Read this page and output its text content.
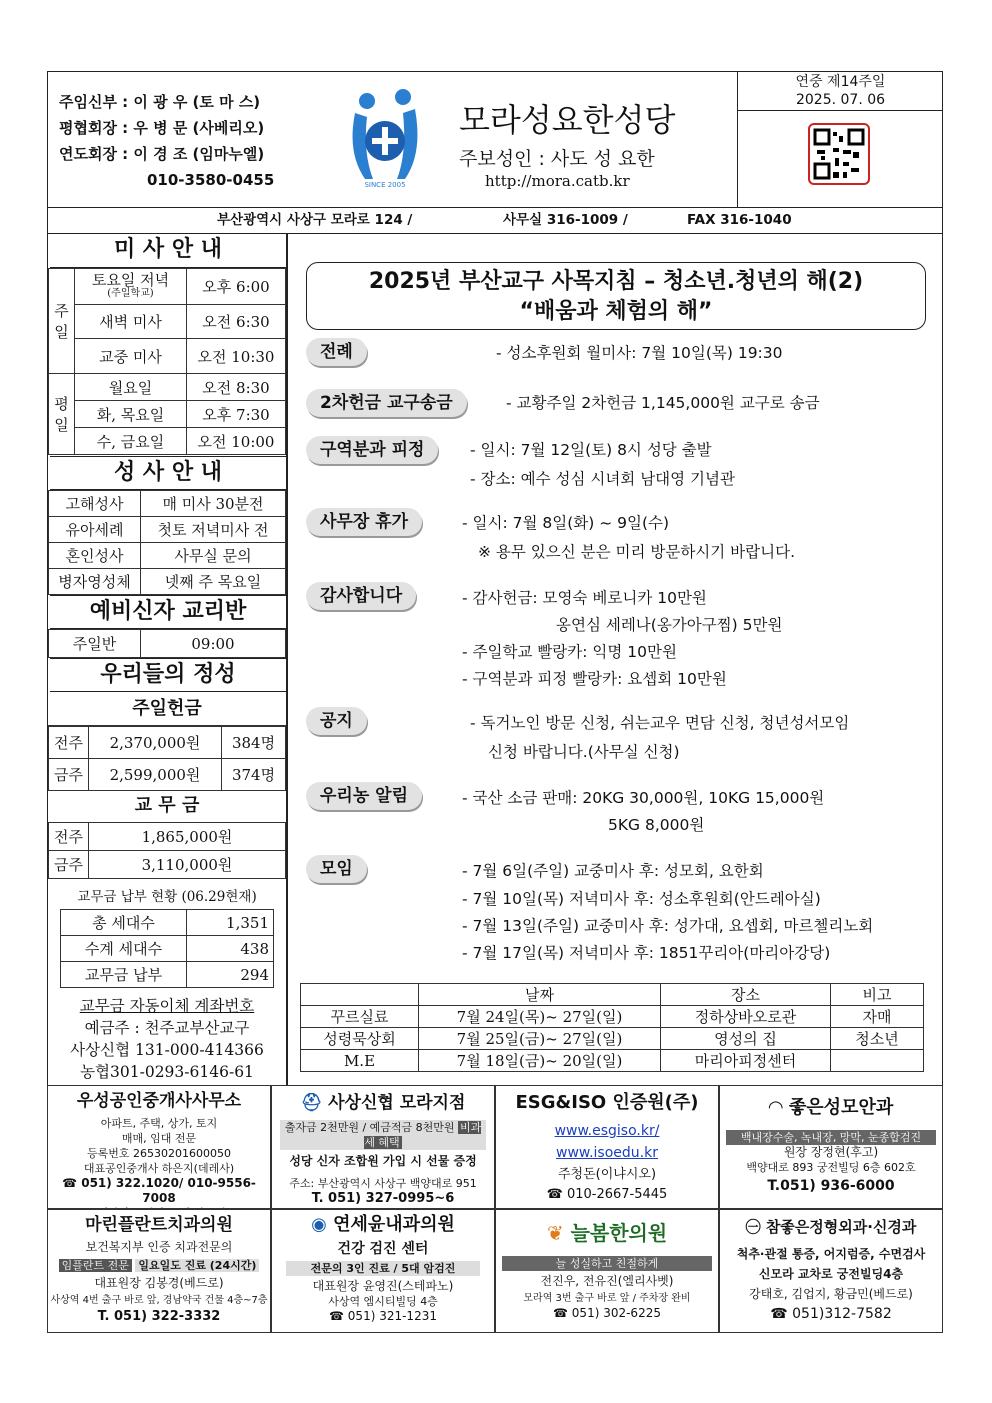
주임신부 : 이 광 우 (토 마 스)
평협회장 : 우 병 문 (사베리오)
연도회장 : 이 경 조 (임마누엘)
010-3580-0455	SINCE 2005
모라성요한성당
주보성인 : 사도 성 요한
http://mora.catb.kr
연중 제14주일
2025. 07. 06
부산광역시 사상구 모라로 124 /	사무실 316-1009 /	FAX 316-1040
미 사 안 내
주일	토요일 저녁
(주일학교)	오후 6:00
	새벽 미사	오전 6:30
	교중 미사	오전 10:30
평일	월요일	오전 8:30
	화, 목요일	오후 7:30
	수, 금요일	오전 10:00
성 사 안 내
고해성사	매 미사 30분전
유아세례	첫토 저녁미사 전
혼인성사	사무실 문의
병자영성체	넷째 주 목요일
예비신자 교리반
주일반	09:00
우리들의 정성
주일헌금
전주	2,370,000원	384명
금주	2,599,000원	374명
교 무 금
전주	1,865,000원
금주	3,110,000원
교무금 납부 현황 (06.29현재)
총 세대수	1,351
수계 세대수	438
교무금 납부	294
교무금 자동이체 계좌번호
예금주 : 천주교부산교구
사상신협 131-000-414366
농협301-0293-6146-61
2025년 부산교구 사목지침 – 청소년.청년의 해(2)
“배움과 체험의 해”
전례	- 성소후원회 월미사: 7월 10일(목) 19:30
2차헌금 교구송금	- 교황주일 2차헌금 1,145,000원 교구로 송금
구역분과 피정	- 일시: 7월 12일(토) 8시 성당 출발
- 장소: 예수 성심 시녀회 남대영 기념관
사무장 휴가	- 일시: 7월 8일(화) ~ 9일(수)
※ 용무 있으신 분은 미리 방문하시기 바랍니다.
감사합니다	- 감사헌금: 모영숙 베로니카 10만원
옹연심 세레나(옹가아구찜) 5만원
- 주일학교 빨랑카: 익명 10만원
- 구역분과 피정 빨랑카: 요셉회 10만원
공지	- 독거노인 방문 신청, 쉬는교우 면담 신청, 청년성서모임
신청 바랍니다.(사무실 신청)
우리농 알림	- 국산 소금 판매: 20KG 30,000원, 10KG 15,000원
5KG 8,000원
모임	- 7월 6일(주일) 교중미사 후: 성모회, 요한회
- 7월 10일(목) 저녁미사 후: 성소후원회(안드레아실)
- 7월 13일(주일) 교중미사 후: 성가대, 요셉회, 마르첼리노회
- 7월 17일(목) 저녁미사 후: 1851꾸리아(마리아강당)
	날짜	장소	비고
꾸르실료	7월 24일(목)~ 27일(일)	정하상바오로관	자매
성령묵상회	7월 25일(금)~ 27일(일)	영성의 집	청소년
M.E	7월 18일(금)~ 20일(일)	마리아피정센터	
우성공인중개사사무소
아파트, 주택, 상가, 토지
매매, 임대 전문
등록번호 26530201600050
대표공인중개사 하은지(데레사)
☎ 051) 322.1020/ 010-9556-7008
⛑ 사상신협 모라지점
출자금 2천만원 / 예금적금 8천만원 비과세 혜택
성당 신자 조합원 가입 시 선물 증정
주소: 부산광역시 사상구 백양대로 951
T. 051) 327-0995~6
ESG&ISO 인증원(주)
www.esgiso.kr/
www.isoedu.kr
주청돈(이냐시오)
☎ 010-2667-5445
◠ 좋은성모안과
백내장수술, 녹내장, 망막, 눈종합검진
원장 장정현(후고)
백양대로 893 궁전빌딩 6층 602호
T.051) 936-6000
마린플란트치과의원
보건복지부 인증 치과전문의
임플란트 전문 일요일도 진료 (24시간)
대표원장 김봉경(베드로)
사상역 4번 출구 바로 앞, 경남약국 건물 4층~7층
T. 051) 322-3332
◉ 연세윤내과의원
건강 검진 센터
전문의 3인 진료 / 5대 암검진
대표원장 윤영진(스테파노)
사상역 엠시티빌딩 4층
☎ 051) 321-1231
❦ 늘봄한의원
늘 성실하고 친절하게
전진우, 전유진(엘리사벳)
모라역 3번 출구 바로 앞 / 주차장 완비
☎ 051) 302-6225
㊀ 참좋은정형외과·신경과
척추·관절 통증, 어지럼증, 수면검사
신모라 교차로 궁전빌딩4층
강태호, 김업지, 황금민(베드로)
☎ 051)312-7582
